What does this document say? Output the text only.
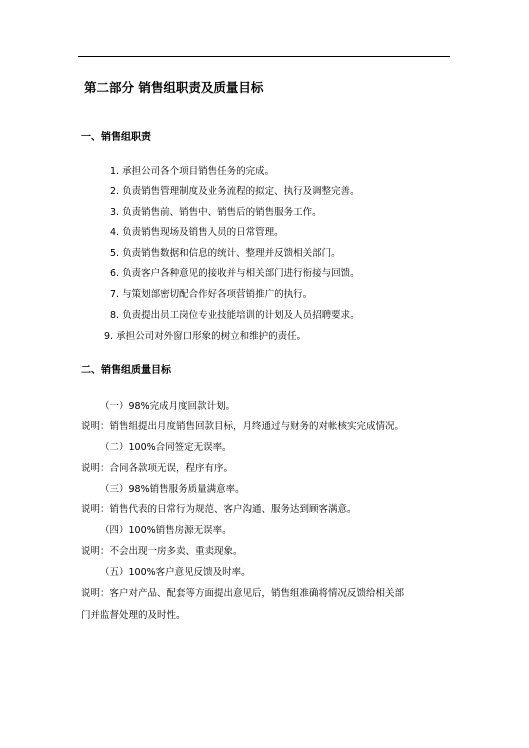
第二部分 销售组职责及质量目标
一、销售组职责
1. 承担公司各个项目销售任务的完成。
2. 负责销售管理制度及业务流程的拟定、执行及调整完善。
3. 负责销售前、销售中、销售后的销售服务工作。
4. 负责销售现场及销售人员的日常管理。
5. 负责销售数据和信息的统计、整理并反馈相关部门。
6. 负责客户各种意见的接收并与相关部门进行衔接与回馈。
7. 与策划部密切配合作好各项营销推广的执行。
8. 负责提出员工岗位专业技能培训的计划及人员招聘要求。
9. 承担公司对外窗口形象的树立和维护的责任。
二、销售组质量目标
（一）98%完成月度回款计划。
说明：销售组提出月度销售回款目标，月终通过与财务的对帐核实完成情况。
（二）100%合同签定无误率。
说明：合同各款项无误，程序有序。
（三）98%销售服务质量满意率。
说明：销售代表的日常行为规范、客户沟通、服务达到顾客满意。
（四）100%销售房源无误率。
说明：不会出现一房多卖、重卖现象。
（五）100%客户意见反馈及时率。
说明：客户对产品、配套等方面提出意见后，销售组准确将情况反馈给相关部
门并监督处理的及时性。
